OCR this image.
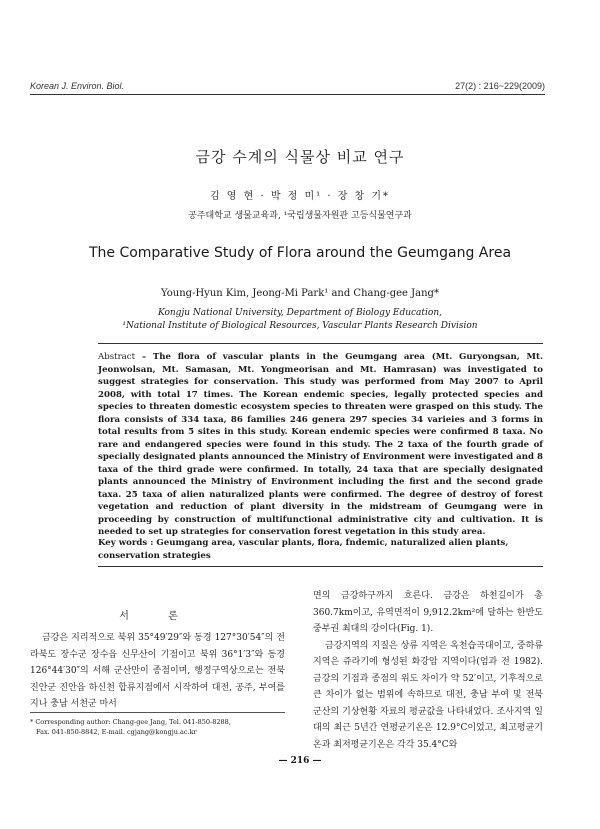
Korean J. Environ. Biol.	27(2) : 216~229(2009)
금강 수계의 식물상 비교 연구
김 영 현 · 박 정 미¹ · 장 창 기*
공주대학교 생물교육과, ¹국립생물자원관 고등식물연구과
The Comparative Study of Flora around the Geumgang Area
Young-Hyun Kim, Jeong-Mi Park¹ and Chang-gee Jang*
Kongju National University, Department of Biology Education,
¹National Institute of Biological Resources, Vascular Plants Research Division
Abstract – The flora of vascular plants in the Geumgang area (Mt. Guryongsan, Mt. Jeonwolsan, Mt. Samasan, Mt. Yongmeorisan and Mt. Hamrasan) was investigated to suggest strategies for conservation. This study was performed from May 2007 to April 2008, with total 17 times. The Korean endemic species, legally protected species and species to threaten domestic ecosystem species to threaten were grasped on this study. The flora consists of 334 taxa, 86 families 246 genera 297 species 34 varieies and 3 forms in total results from 5 sites in this study. Korean endemic species were confirmed 8 taxa. No rare and endangered species were found in this study. The 2 taxa of the fourth grade of specially designated plants announced the Ministry of Environment were investigated and 8 taxa of the third grade were confirmed. In totally, 24 taxa that are specially designated plants announced the Ministry of Environment including the first and the second grade taxa. 25 taxa of alien naturalized plants were confirmed. The degree of destroy of forest vegetation and reduction of plant diversity in the midstream of Geumgang were in proceeding by construction of multifunctional administrative city and cultivation. It is needed to set up strategies for conservation forest vegetation in this study area.
Key words : Geumgang area, vascular plants, flora, fndemic, naturalized alien plants, conservation strategies
서 론
금강은 지리적으로 북위 35°49′29″와 동경 127°30′54″의 전라북도 장수군 장수읍 신무산이 기점이고 북위 36°1′3″와 동경 126°44′30″의 서해 군산만이 종점이며, 행정구역상으로는 전북 진안군 진안읍 하신천 합류지점에서 시작하여 대전, 공주, 부여를 지나 충남 서천군 마서

면의 금강하구까지 흐른다. 금강은 하천길이가 총 360.7km이고, 유역면적이 9,912.2km²에 달하는 한반도 중부권 최대의 강이다(Fig. 1).

금강지역의 지질은 상류 지역은 옥천습곡대이고, 중하류 지역은 쥬라기에 형성된 화강암 지역이다(엄과 전 1982). 금강의 기점과 종점의 위도 차이가 약 52′이고, 기후적으로 큰 차이가 없는 범위에 속하므로 대전, 충남 부여 및 전북 군산의 기상현황 자료의 평균값을 나타내었다. 조사지역 일대의 최근 5년간 연평균기온은 12.9°C이었고, 최고평균기온과 최저평균기온은 각각 35.4°C와

* Corresponding author: Chang-gee Jang, Tel. 041-850-8288,
Fax. 041-850-8842, E-mail. cgjang@kongju.ac.kr
— 216 —
